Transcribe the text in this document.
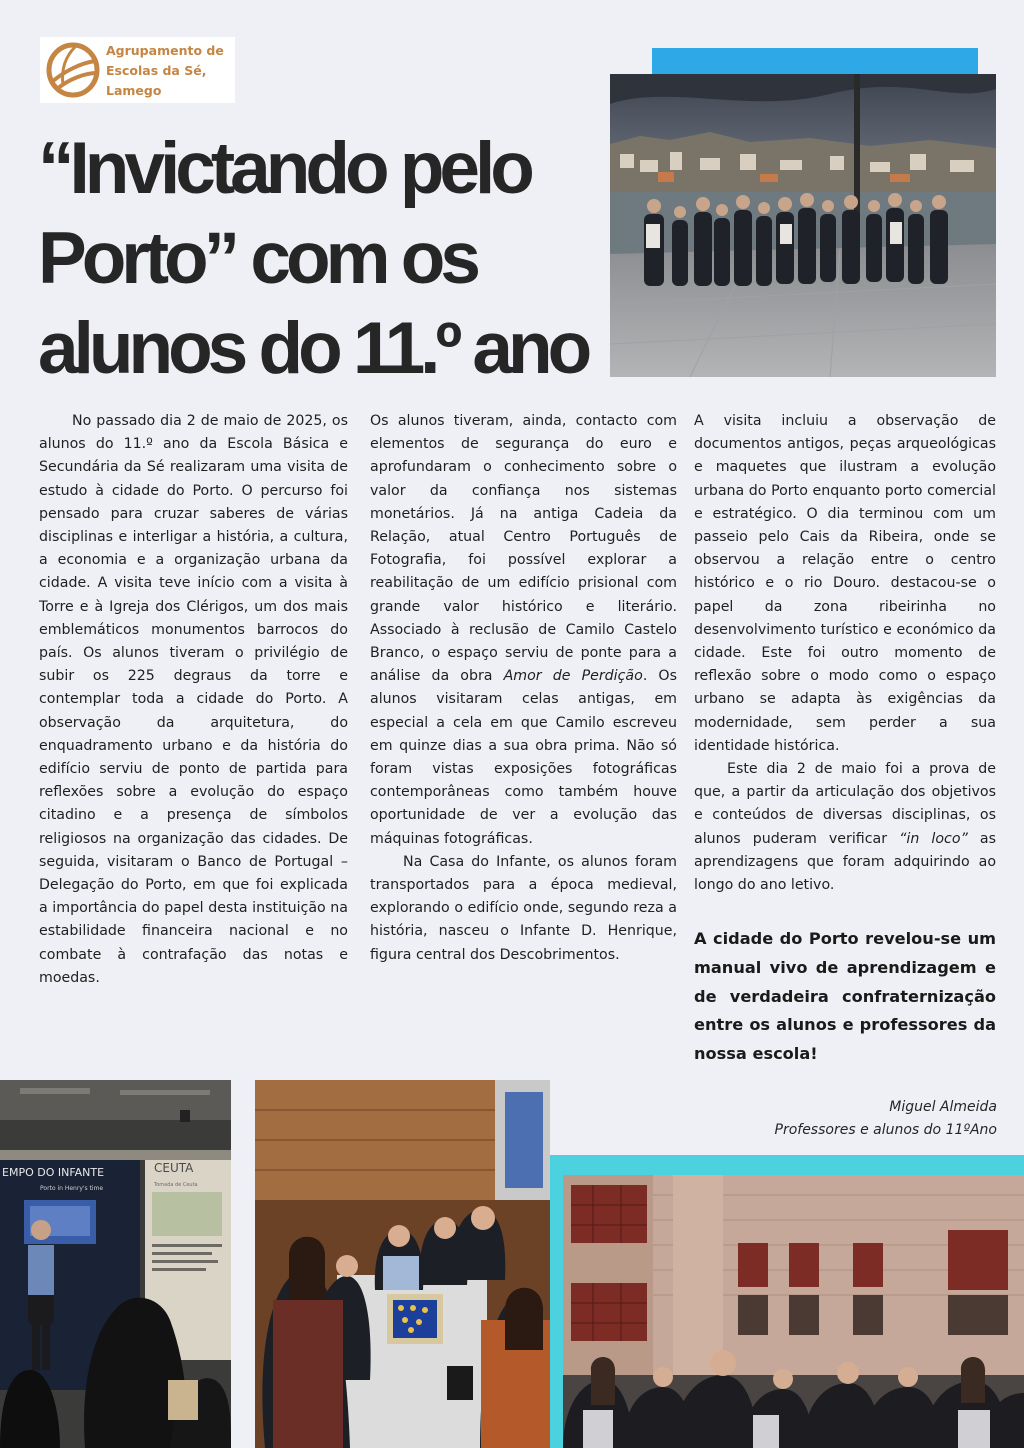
Agrupamento de
Escolas da Sé,
Lamego
“Invictando pelo
Porto” com os
alunos do 11.º ano

No passado dia 2 de maio de 2025, os alunos do 11.º ano da Escola Básica e Secundária da Sé realizaram uma visita de estudo à cidade do Porto. O percurso foi pensado para cruzar saberes de várias disciplinas e interligar a história, a cultura, a economia e a organização urbana da cidade. A visita teve início com a visita à Torre e à Igreja dos Clérigos, um dos mais emblemáticos monumentos barrocos do país. Os alunos tiveram o privilégio de subir os 225 degraus da torre e contemplar toda a cidade do Porto. A observação da arquitetura, do enquadramento urbano e da história do edifício serviu de ponto de partida para reflexões sobre a evolução do espaço citadino e a presença de símbolos religiosos na organização das cidades. De seguida, visitaram o Banco de Portugal – Delegação do Porto, em que foi explicada a importância do papel desta instituição na estabilidade financeira nacional e no combate à contrafação das notas e moedas.

Os alunos tiveram, ainda, contacto com elementos de segurança do euro e aprofundaram o conhecimento sobre o valor da confiança nos sistemas monetários. Já na antiga Cadeia da Relação, atual Centro Português de Fotografia, foi possível explorar a reabilitação de um edifício prisional com grande valor histórico e literário. Associado à reclusão de Camilo Castelo Branco, o espaço serviu de ponte para a análise da obra Amor de Perdição. Os alunos visitaram celas antigas, em especial a cela em que Camilo escreveu em quinze dias a sua obra prima. Não só foram vistas exposições fotográficas contemporâneas como também houve oportunidade de ver a evolução das máquinas fotográficas.

Na Casa do Infante, os alunos foram transportados para a época medieval, explorando o edifício onde, segundo reza a história, nasceu o Infante D. Henrique, figura central dos Descobrimentos.

A visita incluiu a observação de documentos antigos, peças arqueológicas e maquetes que ilustram a evolução urbana do Porto enquanto porto comercial e estratégico. O dia terminou com um passeio pelo Cais da Ribeira, onde se observou a relação entre o centro histórico e o rio Douro. destacou-se o papel da zona ribeirinha no desenvolvimento turístico e económico da cidade. Este foi outro momento de reflexão sobre o modo como o espaço urbano se adapta às exigências da modernidade, sem perder a sua identidade histórica.

Este dia 2 de maio foi a prova de que, a partir da articulação dos objetivos e conteúdos de diversas disciplinas, os alunos puderam verificar “in loco” as aprendizagens que foram adquirindo ao longo do ano letivo.

A cidade do Porto revelou-se um manual vivo de aprendizagem e de verdadeira confraternização entre os alunos e professores da nossa escola!

Miguel Almeida
Professores e alunos do 11ºAno
EMPO DO INFANTE
Porto in Henry's time
CEUTA
Tomada de Ceuta
